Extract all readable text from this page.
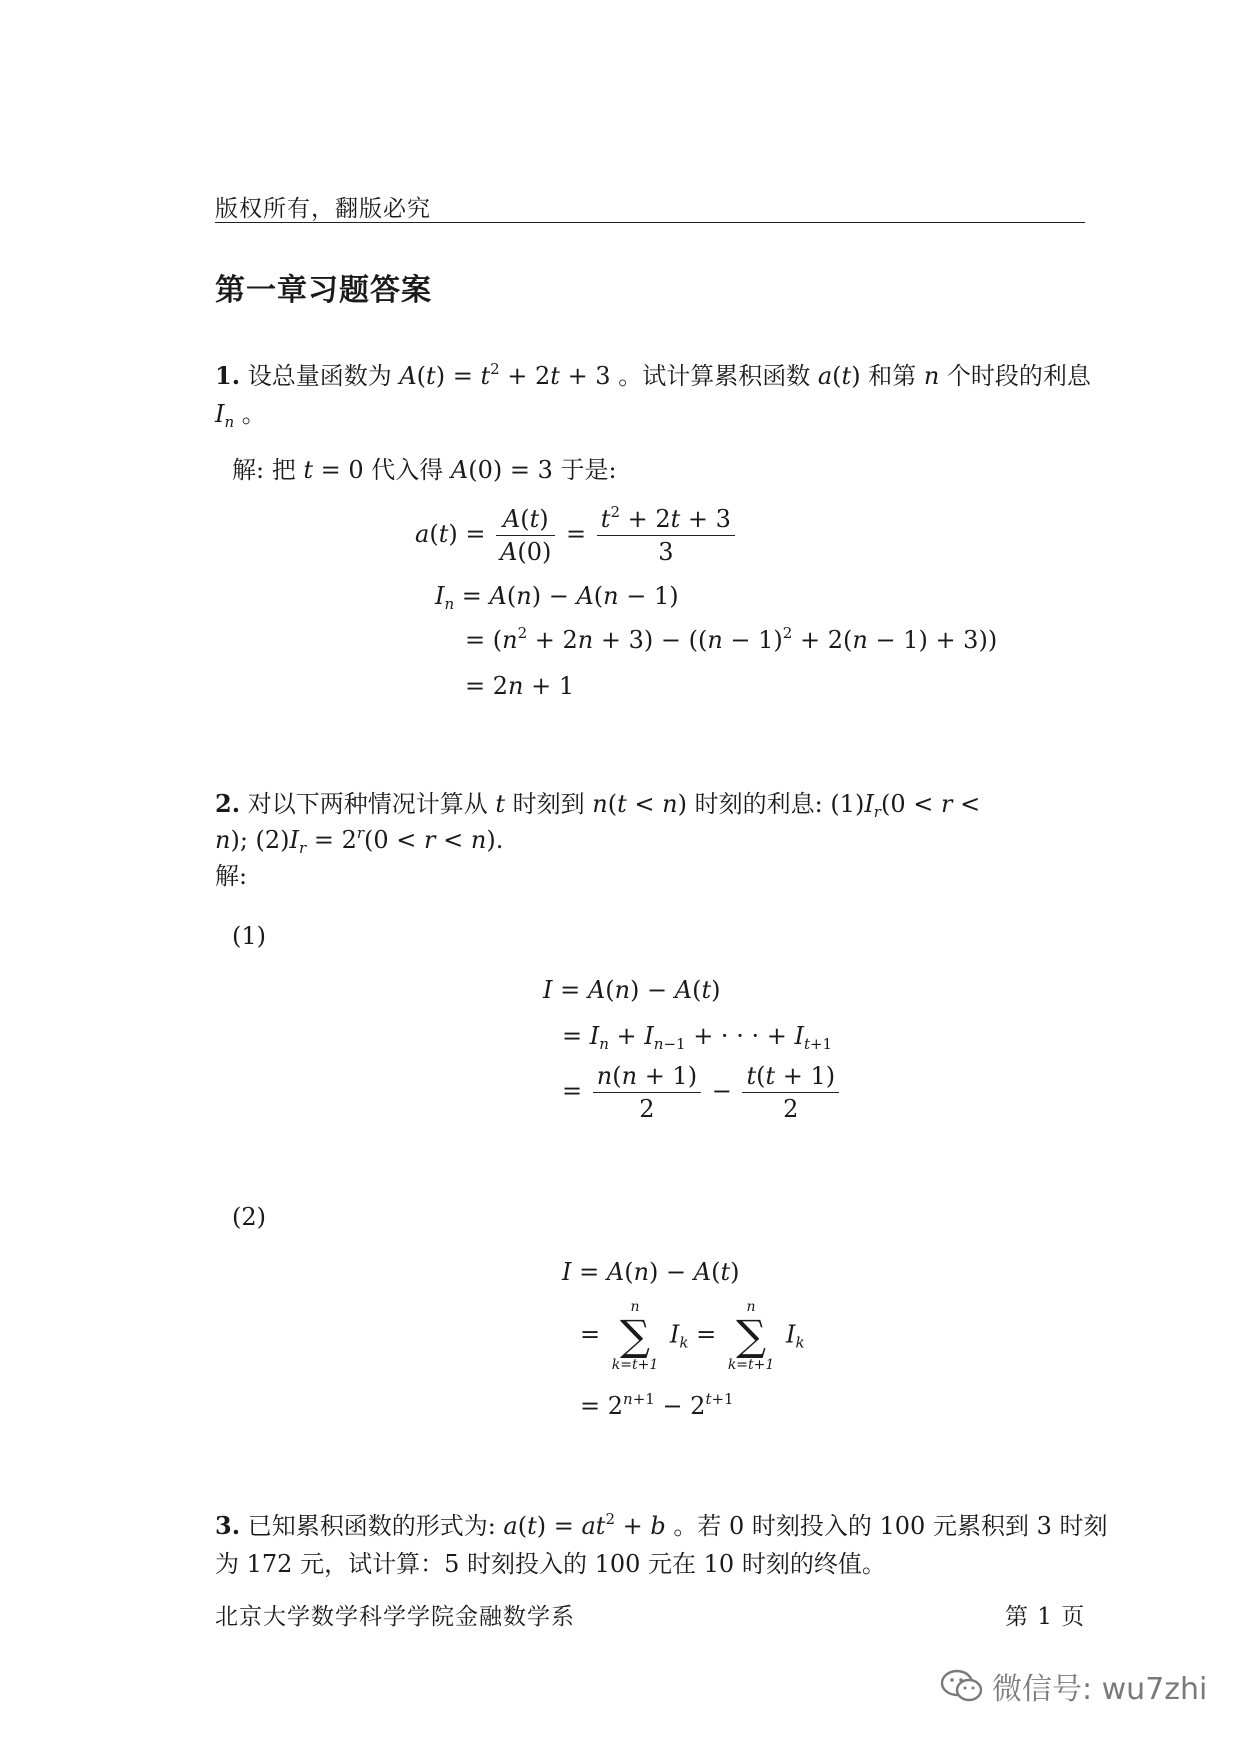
版权所有，翻版必究
第一章习题答案
1. 设总量函数为 $A(t) = t^2 + 2t + 3$ 。试计算累积函数 a(t) 和第 n 个时段的利息
$I_n$ 。
解: 把 t = 0 代入得 A(0) = 3 于是:
$a(t) = \frac{A(t)}{A(0)} = \frac{t^2 + 2t + 3}{3}$
$I_n = A(n) - A(n - 1)$
= $(n^2 + 2n + 3) - ((n - 1)^2 + 2(n - 1) + 3)$)
= 2n + 1
2. 对以下两种情况计算从 t 时刻到 n(t < n) 时刻的利息: $(1)I_r(0 < r$ <
n); $(2)I_r = 2^r(0 < r < n)$.
解:
(1)
I = A(n) − A(t)
= $I_n + I_{n-1}$ + · · · + $I_{t+1}$
= $\frac{n(n + 1)}{2} - \frac{t(t + 1)}{2}$
(2)
I = A(n) − A(t)
=
n
∑
k=t+1
$I_k$ =
n
∑
k=t+1
$I_k$
= $2^{n+1} - 2^{t+1}$
3. 已知累积函数的形式为: $a(t) = at^2 + b$ 。若 0 时刻投入的 100 元累积到 3 时刻
为 172 元，试计算：5 时刻投入的 100 元在 10 时刻的终值。
北京大学数学科学学院金融数学系	第 1 页
微信号: wu7zhi
